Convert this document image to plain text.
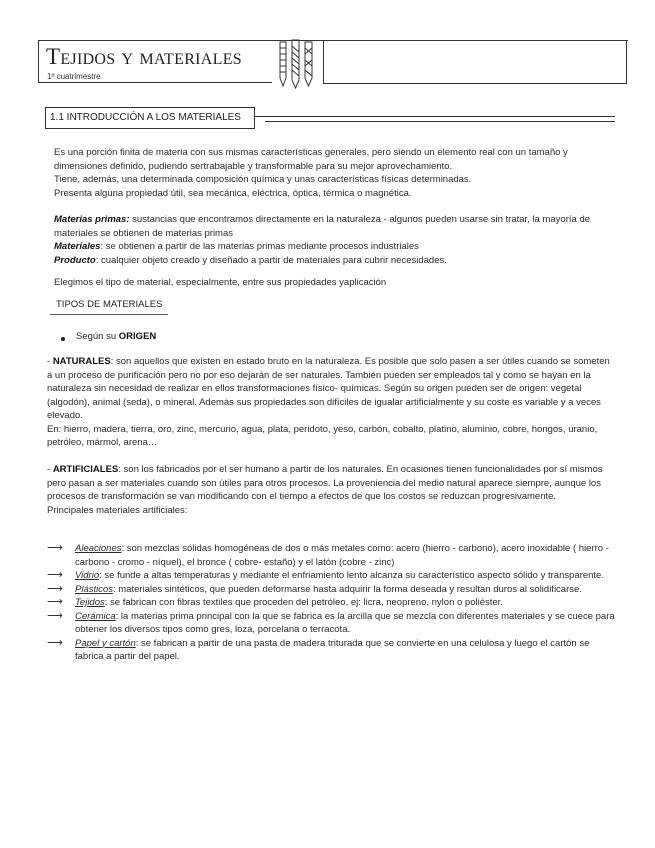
Tejidos y materiales
1º cuatrimestre
1.1 INTRODUCCIÓN A LOS MATERIALES

Es una porción finita de materia con sus mismas características generales, pero siendo un elemento real con un tamaño y dimensiones definido, pudiendo sertrabajable y transformable para su mejor aprovechamiento.

Tiene, además, una determinada composición química y unas características físicas determinadas.

Presenta alguna propiedad útil, sea mecánica, eléctrica, óptica, térmica o magnética.

Materias primas: sustancias que encontramos directamente en la naturaleza - algunos pueden usarse sin tratar, la mayoría de materiales se obtienen de materias primas

Materiales: se obtienen a partir de las materias primas mediante procesos industriales

Producto: cualquier objeto creado y diseñado a partir de materiales para cubrir necesidades.

Elegimos el tipo de material, especialmente, entre sus propiedades yaplicación

TIPOS DE MATERIALES
Según su ORIGEN

- NATURALES: son aquellos que existen en estado bruto en la naturaleza. Es posible que solo pasen a ser útiles cuando se someten a un proceso de purificación pero no por eso dejarán de ser naturales. También pueden ser empleados tal y como se hayan en la naturaleza sin necesidad de realizar en ellos transformaciones físico- químicas. Según su origen pueden ser de origen: vegetal (algodón), animal (seda), o mineral. Además sus propiedades son difíciles de igualar artificialmente y su coste es variable y a veces elevado.

En: hierro, madera, tierra, oro, zinc, mercurio, agua, plata, peridoto, yeso, carbón, cobalto, platino, aluminio, cobre, hongos, uranio, petróleo, mármol, arena…

- ARTIFICIALES: son los fabricados por el ser humano a partir de los naturales. En ocasiones tienen funcionalidades por sí mismos pero pasan a ser materiales cuando son útiles para otros procesos. La proveniencia del medio natural aparece siempre, aunque los procesos de transformación se van modificando con el tiempo a efectos de que los costos se reduzcan progresivamente.

Principales materiales artificiales:

⟶ Aleaciones: son mezclas sólidas homogéneas de dos o más metales como: acero (hierro - carbono), acero inoxidable ( hierro - carbono - cromo - níquel), el bronce ( cobre- estaño) y el latón (cobre - zinc)
⟶ Vidrio: se funde a altas temperaturas y mediante el enfriamiento lento alcanza su característico aspecto sólido y transparente.
⟶ Plásticos: materiales sintéticos, que pueden deformarse hasta adquirir la forma deseada y resultan duros al solidificarse.
⟶ Tejidos: se fabrican con fibras textiles que proceden del petróleo, ej: licra, neopreno, nylon o poliéster.
⟶ Cerámica: la materias prima principal con la que se fabrica es la arcilla que se mezcla con diferentes materiales y se cuece para obtener los diversos tipos como gres, loza, porcelana o terracota.
⟶ Papel y cartón: se fabrican a partir de una pasta de madera triturada que se convierte en una celulosa y luego el cartón se fabrica a partir del papel.
